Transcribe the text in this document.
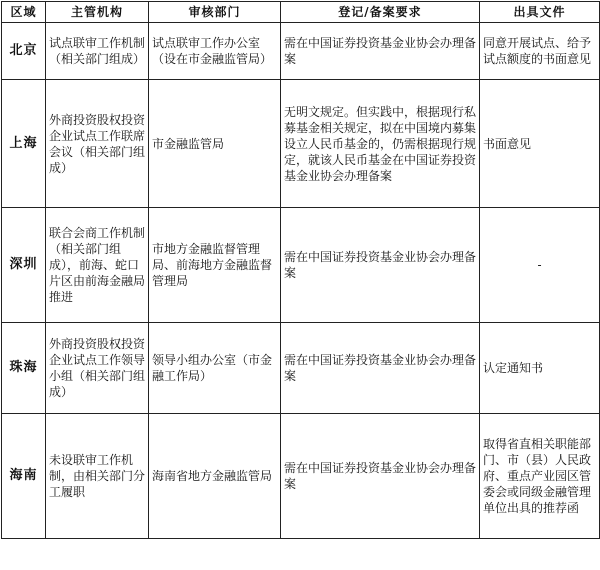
区域	主管机构	审核部门	登记/备案要求	出具文件
北京	试点联审工作机制（相关部门组成）	试点联审工作办公室（设在市金融监管局）	需在中国证券投资基金业协会办理备案	同意开展试点、给予试点额度的书面意见
上海	外商投资股权投资企业试点工作联席会议（相关部门组成）	市金融监管局	无明文规定。但实践中，根据现行私募基金相关规定，拟在中国境内募集设立人民币基金的，仍需根据现行规定，就该人民币基金在中国证券投资基金业协会办理备案	书面意见
深圳	联合会商工作机制（相关部门组成），前海、蛇口片区由前海金融局推进	市地方金融监督管理局、前海地方金融监督管理局	需在中国证券投资基金业协会办理备案	-
珠海	外商投资股权投资企业试点工作领导小组（相关部门组成）	领导小组办公室（市金融工作局）	需在中国证券投资基金业协会办理备案	认定通知书
海南	未设联审工作机制，由相关部门分工履职	海南省地方金融监管局	需在中国证券投资基金业协会办理备案	取得省直相关职能部门、市（县）人民政府、重点产业园区管委会或同级金融管理单位出具的推荐函
